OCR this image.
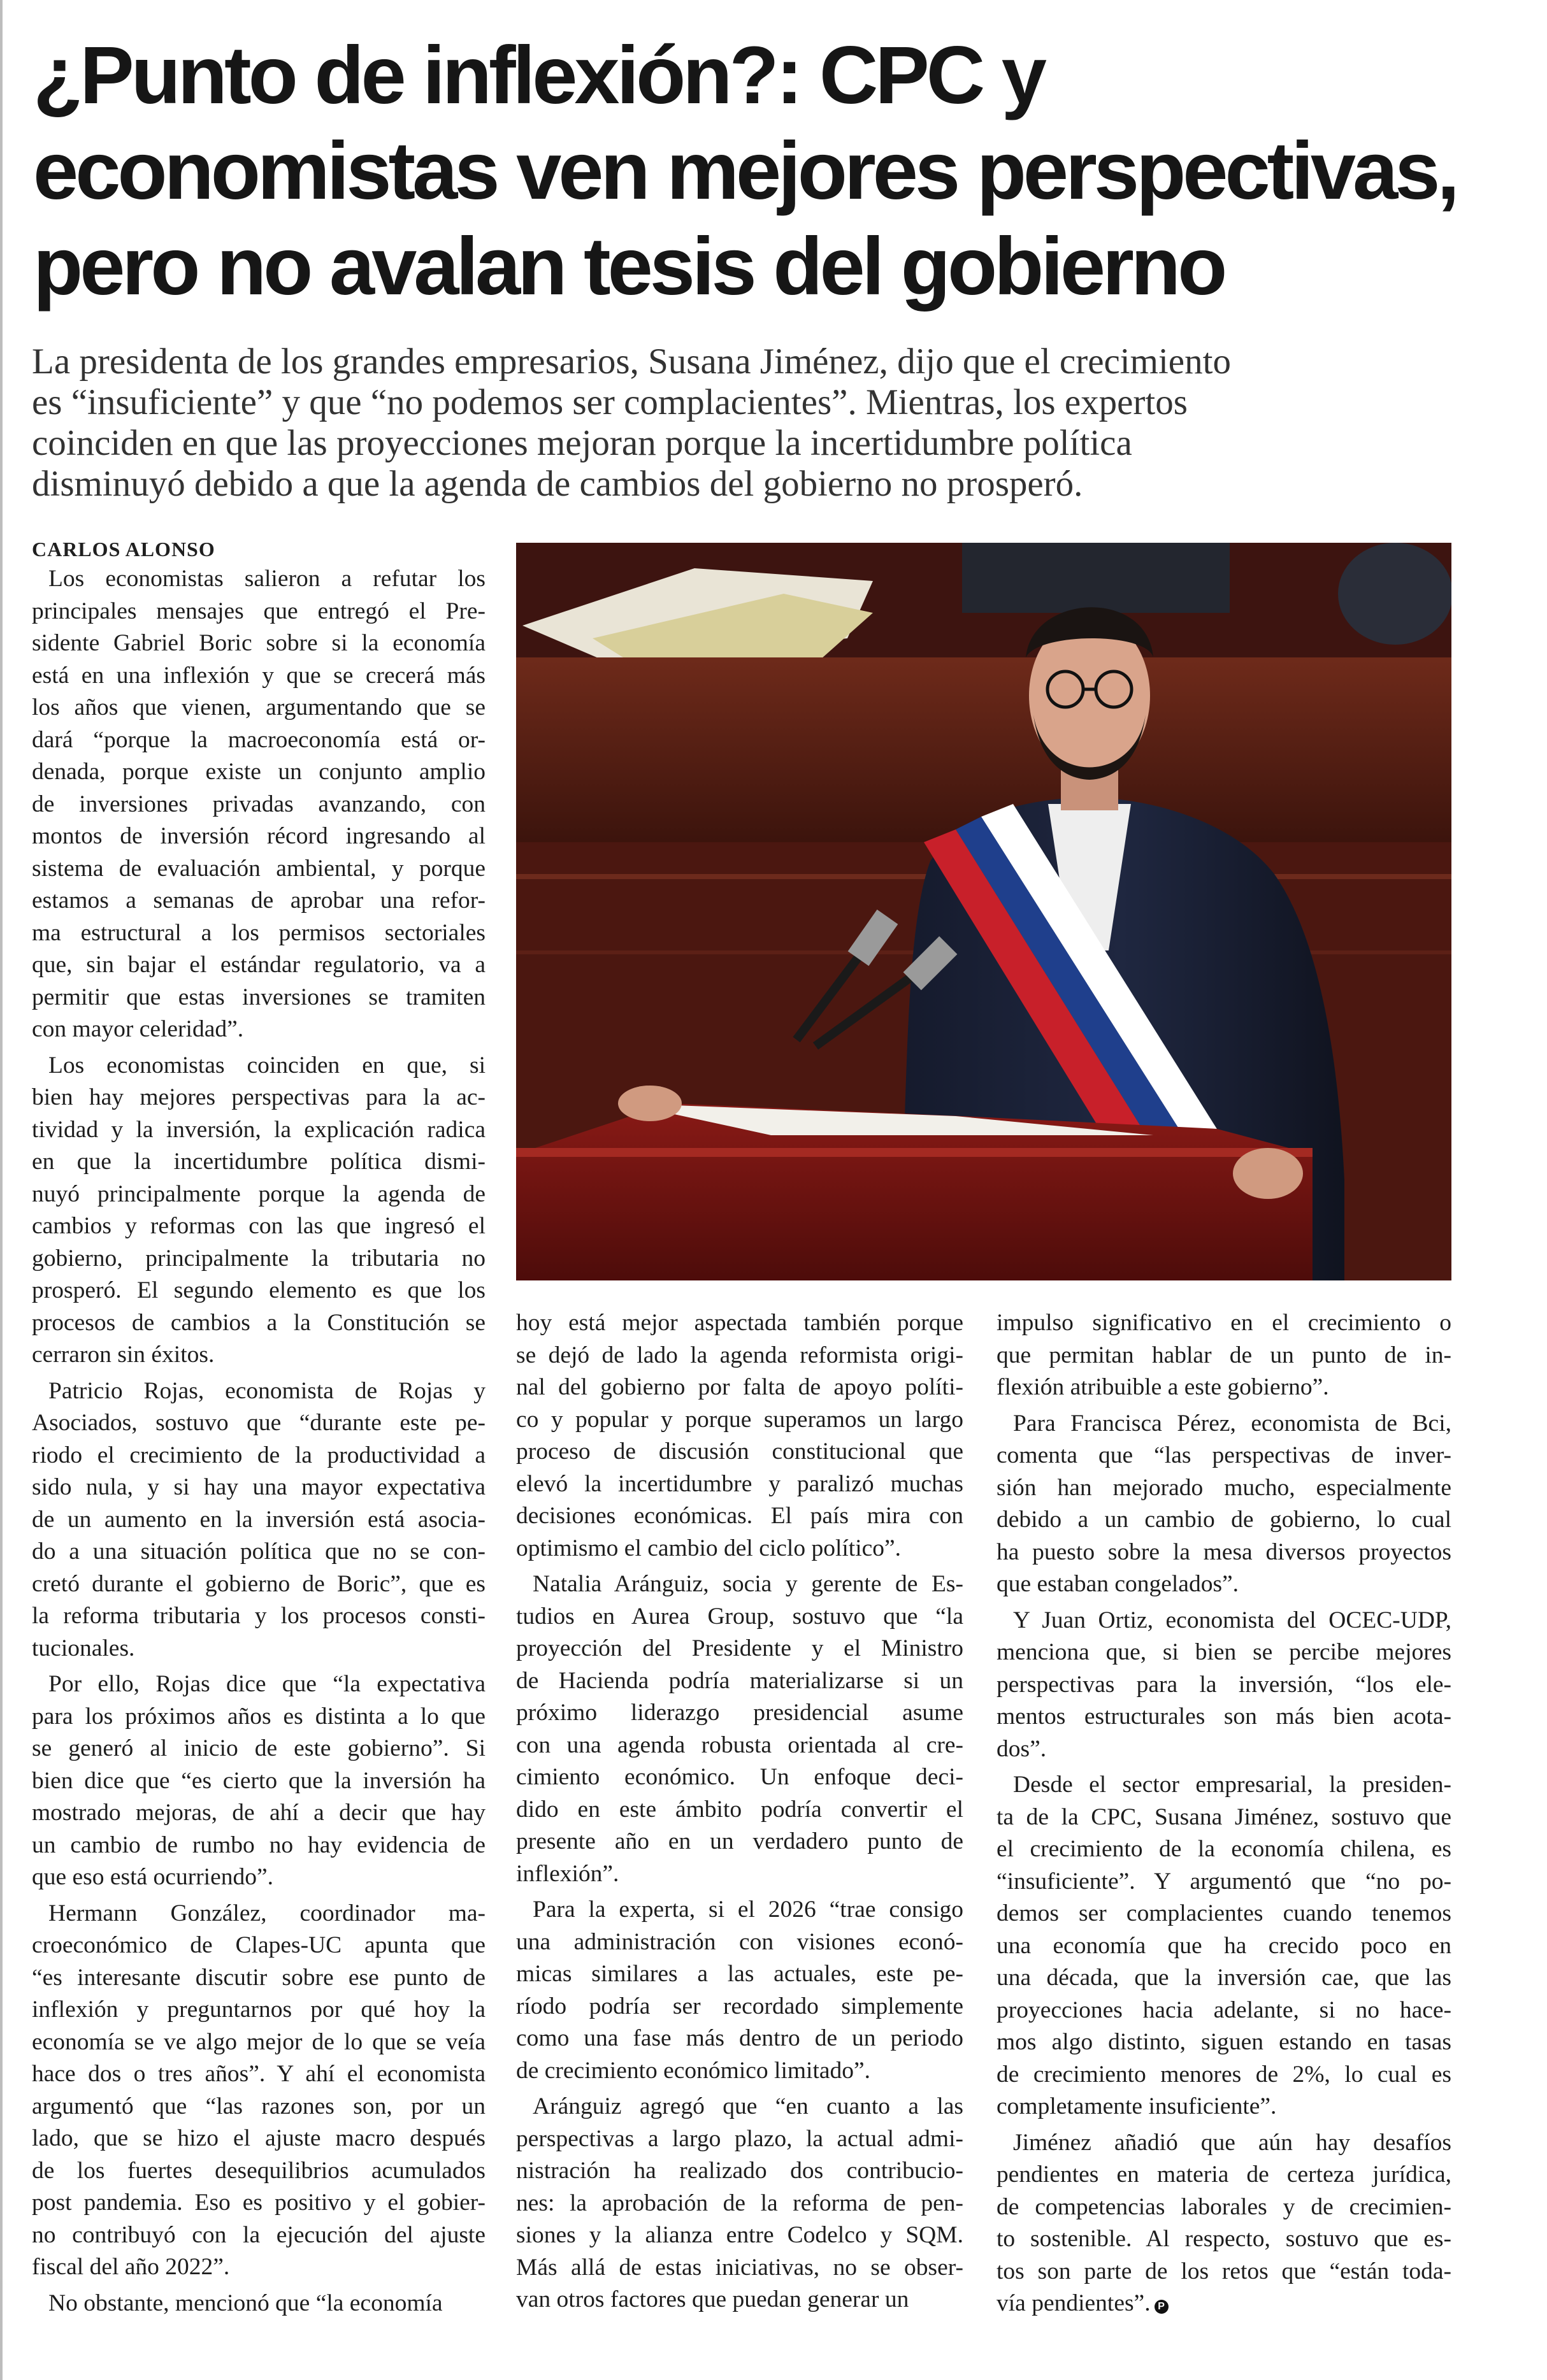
¿Punto de inflexión?: CPC y
economistas ven mejores perspectivas,
pero no avalan tesis del gobierno

La presidenta de los grandes empresarios, Susana Jiménez, dijo que el crecimiento
es “insuficiente” y que “no podemos ser complacientes”. Mientras, los expertos
coinciden en que las proyecciones mejoran porque la incertidumbre política
disminuyó debido a que la agenda de cambios del gobierno no prosperó.

CARLOS ALONSO
Los economistas salieron a refutar los
principales mensajes que entregó el Pre-
sidente Gabriel Boric sobre si la economía
está en una inflexión y que se crecerá más
los años que vienen, argumentando que se
dará “porque la macroeconomía está or-
denada, porque existe un conjunto amplio
de inversiones privadas avanzando, con
montos de inversión récord ingresando al
sistema de evaluación ambiental, y porque
estamos a semanas de aprobar una refor-
ma estructural a los permisos sectoriales
que, sin bajar el estándar regulatorio, va a
permitir que estas inversiones se tramiten
con mayor celeridad”.
Los economistas coinciden en que, si
bien hay mejores perspectivas para la ac-
tividad y la inversión, la explicación radica
en que la incertidumbre política dismi-
nuyó principalmente porque la agenda de
cambios y reformas con las que ingresó el
gobierno, principalmente la tributaria no
prosperó. El segundo elemento es que los
procesos de cambios a la Constitución se
cerraron sin éxitos.
Patricio Rojas, economista de Rojas y
Asociados, sostuvo que “durante este pe-
riodo el crecimiento de la productividad a
sido nula, y si hay una mayor expectativa
de un aumento en la inversión está asocia-
do a una situación política que no se con-
cretó durante el gobierno de Boric”, que es
la reforma tributaria y los procesos consti-
tucionales.
Por ello, Rojas dice que “la expectativa
para los próximos años es distinta a lo que
se generó al inicio de este gobierno”. Si
bien dice que “es cierto que la inversión ha
mostrado mejoras, de ahí a decir que hay
un cambio de rumbo no hay evidencia de
que eso está ocurriendo”.
Hermann González, coordinador ma-
croeconómico de Clapes-UC apunta que
“es interesante discutir sobre ese punto de
inflexión y preguntarnos por qué hoy la
economía se ve algo mejor de lo que se veía
hace dos o tres años”. Y ahí el economista
argumentó que “las razones son, por un
lado, que se hizo el ajuste macro después
de los fuertes desequilibrios acumulados
post pandemia. Eso es positivo y el gobier-
no contribuyó con la ejecución del ajuste
fiscal del año 2022”.
No obstante, mencionó que “la economía
hoy está mejor aspectada también porque
se dejó de lado la agenda reformista origi-
nal del gobierno por falta de apoyo políti-
co y popular y porque superamos un largo
proceso de discusión constitucional que
elevó la incertidumbre y paralizó muchas
decisiones económicas. El país mira con
optimismo el cambio del ciclo político”.
Natalia Aránguiz, socia y gerente de Es-
tudios en Aurea Group, sostuvo que “la
proyección del Presidente y el Ministro
de Hacienda podría materializarse si un
próximo liderazgo presidencial asume
con una agenda robusta orientada al cre-
cimiento económico. Un enfoque deci-
dido en este ámbito podría convertir el
presente año en un verdadero punto de
inflexión”.
Para la experta, si el 2026 “trae consigo
una administración con visiones econó-
micas similares a las actuales, este pe-
ríodo podría ser recordado simplemente
como una fase más dentro de un periodo
de crecimiento económico limitado”.
Aránguiz agregó que “en cuanto a las
perspectivas a largo plazo, la actual admi-
nistración ha realizado dos contribucio-
nes: la aprobación de la reforma de pen-
siones y la alianza entre Codelco y SQM.
Más allá de estas iniciativas, no se obser-
van otros factores que puedan generar un
impulso significativo en el crecimiento o
que permitan hablar de un punto de in-
flexión atribuible a este gobierno”.
Para Francisca Pérez, economista de Bci,
comenta que “las perspectivas de inver-
sión han mejorado mucho, especialmente
debido a un cambio de gobierno, lo cual
ha puesto sobre la mesa diversos proyectos
que estaban congelados”.
Y Juan Ortiz, economista del OCEC-UDP,
menciona que, si bien se percibe mejores
perspectivas para la inversión, “los ele-
mentos estructurales son más bien acota-
dos”.
Desde el sector empresarial, la presiden-
ta de la CPC, Susana Jiménez, sostuvo que
el crecimiento de la economía chilena, es
“insuficiente”. Y argumentó que “no po-
demos ser complacientes cuando tenemos
una economía que ha crecido poco en
una década, que la inversión cae, que las
proyecciones hacia adelante, si no hace-
mos algo distinto, siguen estando en tasas
de crecimiento menores de 2%, lo cual es
completamente insuficiente”.
Jiménez añadió que aún hay desafíos
pendientes en materia de certeza jurídica,
de competencias laborales y de crecimien-
to sostenible. Al respecto, sostuvo que es-
tos son parte de los retos que “están toda-
vía pendientes”. P
